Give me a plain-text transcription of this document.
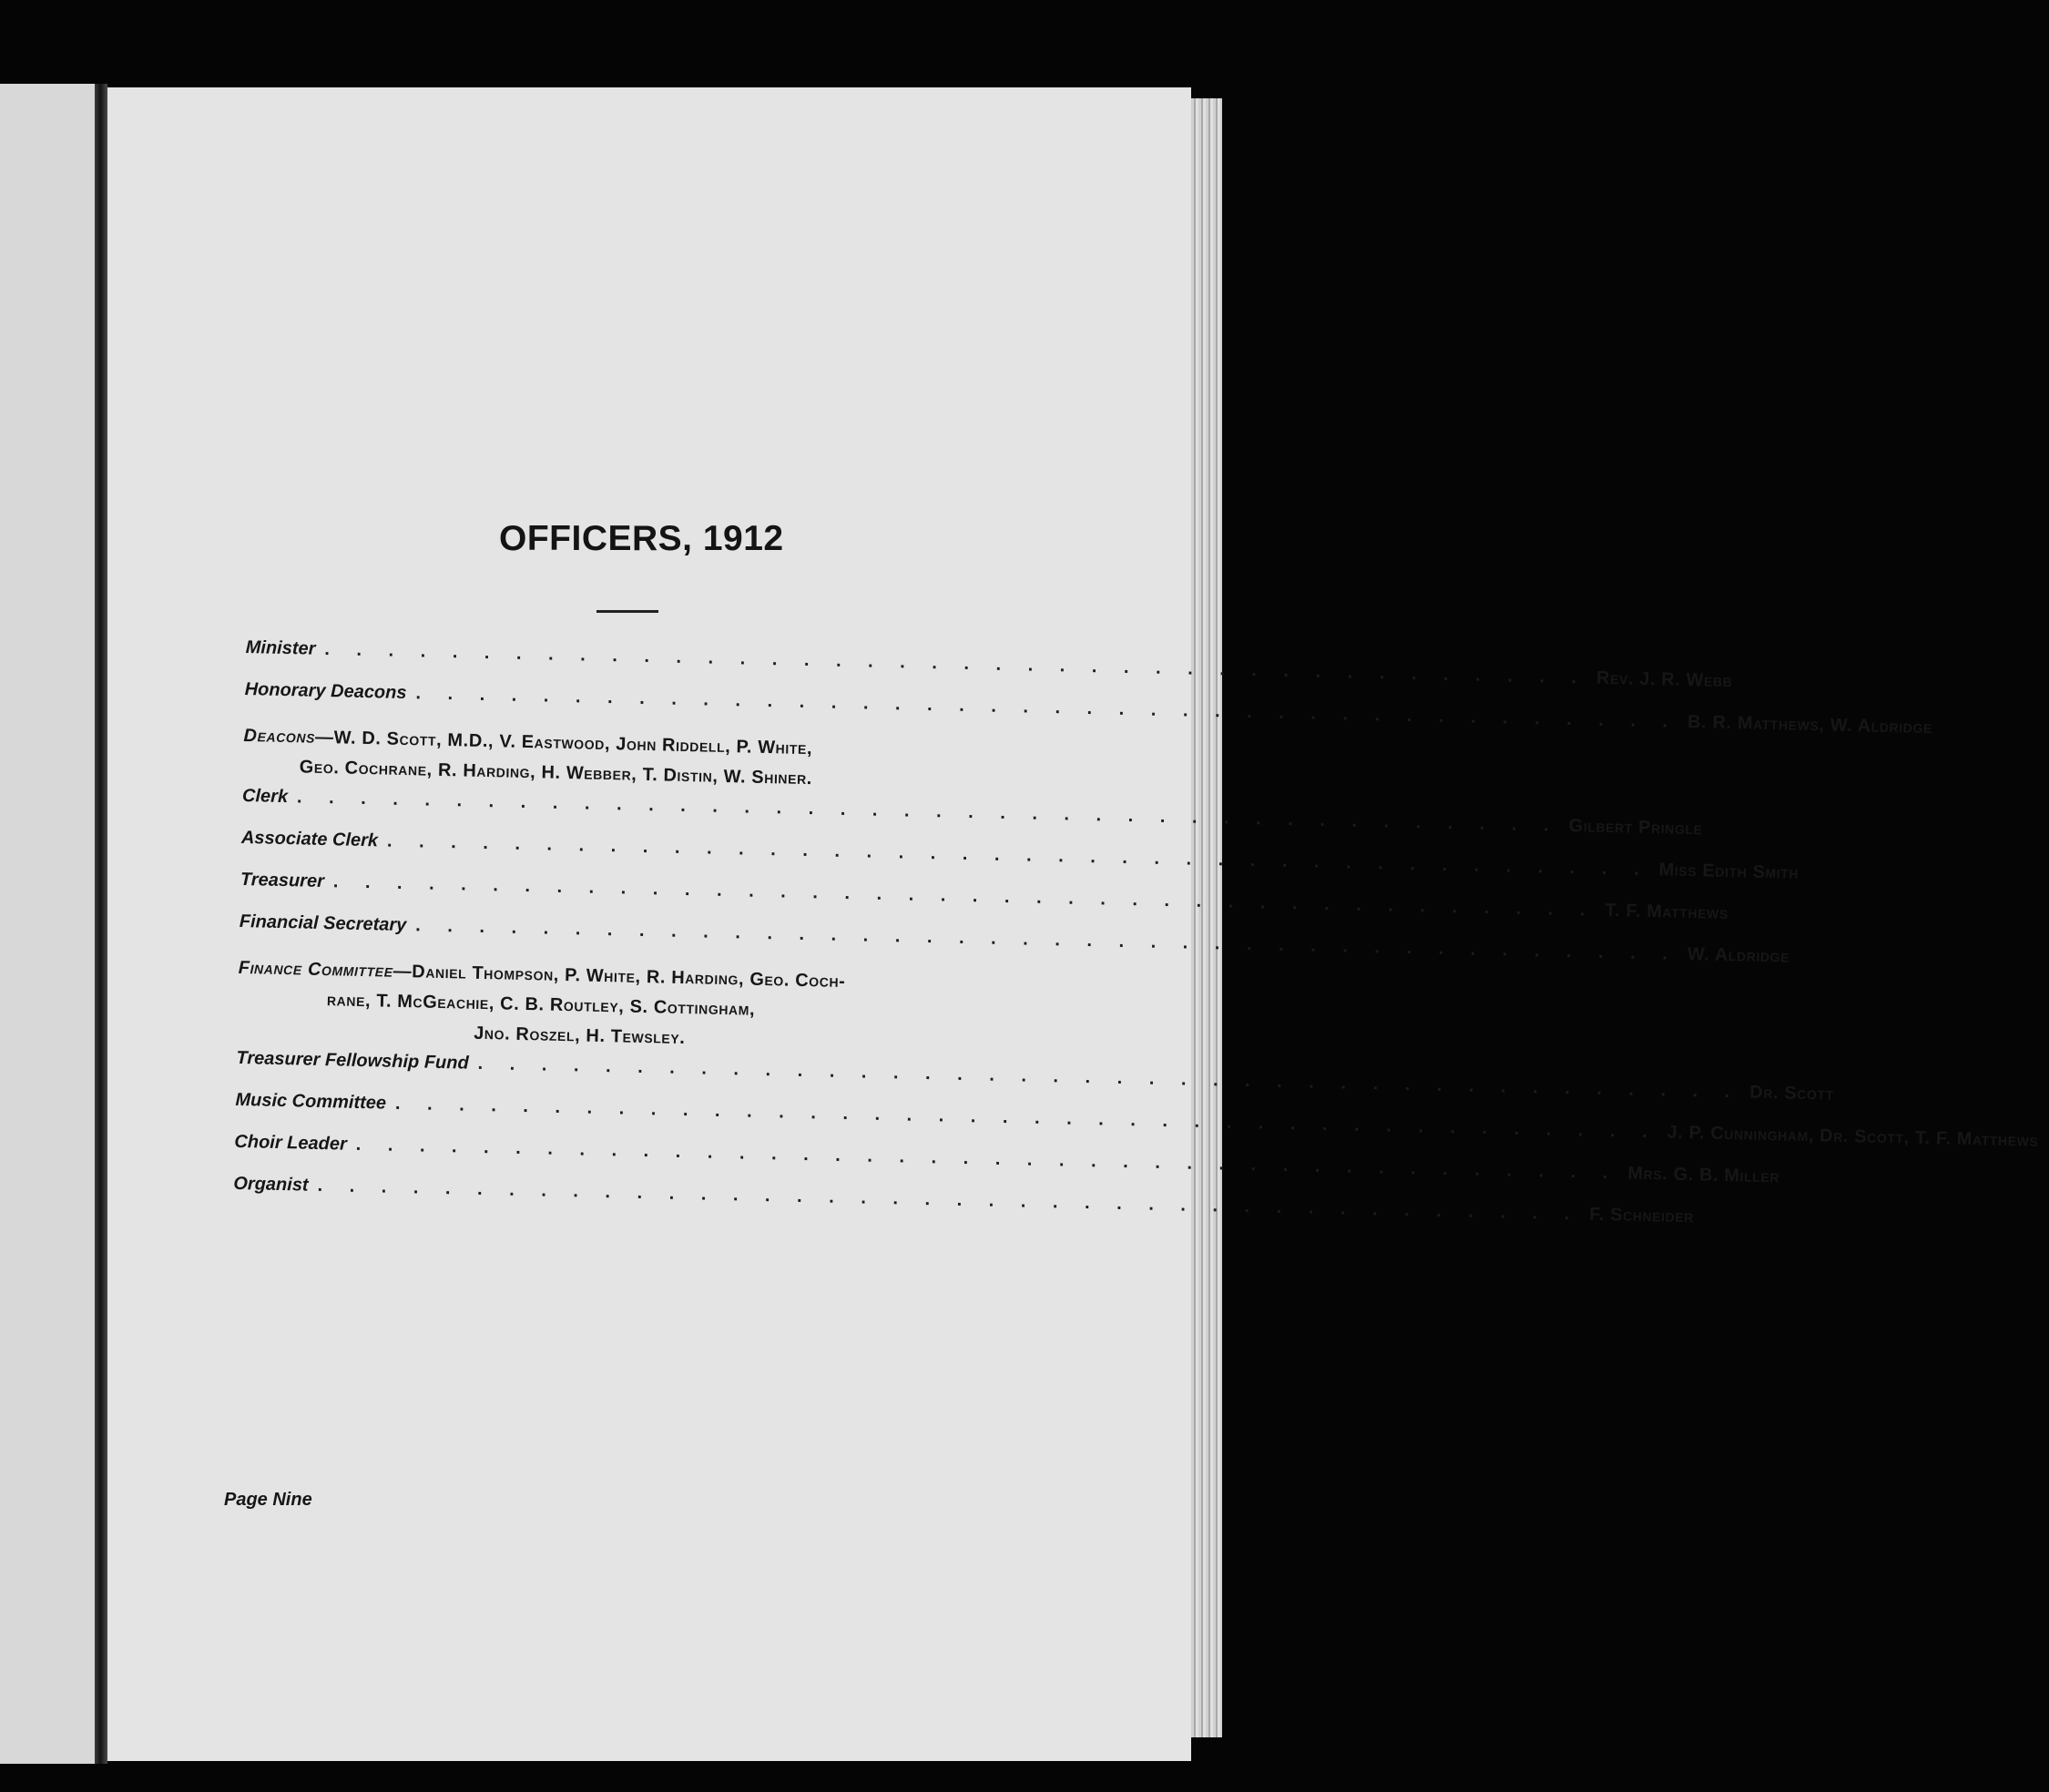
OFFICERS, 1912
Minister . . . . . . . . . . . . . . . . . . . . . . . . . . . . . . . . . . . . . . . . Rev. J. R. Webb
Honorary Deacons . . . . . . . . . . . . . . . . . . . . . . . . . . . . . . . . . . . . . . . . B. R. Matthews, W. Aldridge
Deacons—W. D. Scott, M.D., V. Eastwood, John Riddell, P. White,
Geo. Cochrane, R. Harding, H. Webber, T. Distin, W. Shiner.
Clerk . . . . . . . . . . . . . . . . . . . . . . . . . . . . . . . . . . . . . . . . Gilbert Pringle
Associate Clerk . . . . . . . . . . . . . . . . . . . . . . . . . . . . . . . . . . . . . . . . Miss Edith Smith
Treasurer . . . . . . . . . . . . . . . . . . . . . . . . . . . . . . . . . . . . . . . . T. F. Matthews
Financial Secretary . . . . . . . . . . . . . . . . . . . . . . . . . . . . . . . . . . . . . . . . W. Aldridge
Finance Committee—Daniel Thompson, P. White, R. Harding, Geo. Coch-
rane, T. McGeachie, C. B. Routley, S. Cottingham,
Jno. Roszel, H. Tewsley.
Treasurer Fellowship Fund . . . . . . . . . . . . . . . . . . . . . . . . . . . . . . . . . . . . . . . . Dr. Scott
Music Committee . . . . . . . . . . . . . . . . . . . . . . . . . . . . . . . . . . . . . . . . J. P. Cunningham, Dr. Scott, T. F. Matthews
Choir Leader . . . . . . . . . . . . . . . . . . . . . . . . . . . . . . . . . . . . . . . . Mrs. G. B. Miller
Organist . . . . . . . . . . . . . . . . . . . . . . . . . . . . . . . . . . . . . . . . F. Schneider

Page Nine
